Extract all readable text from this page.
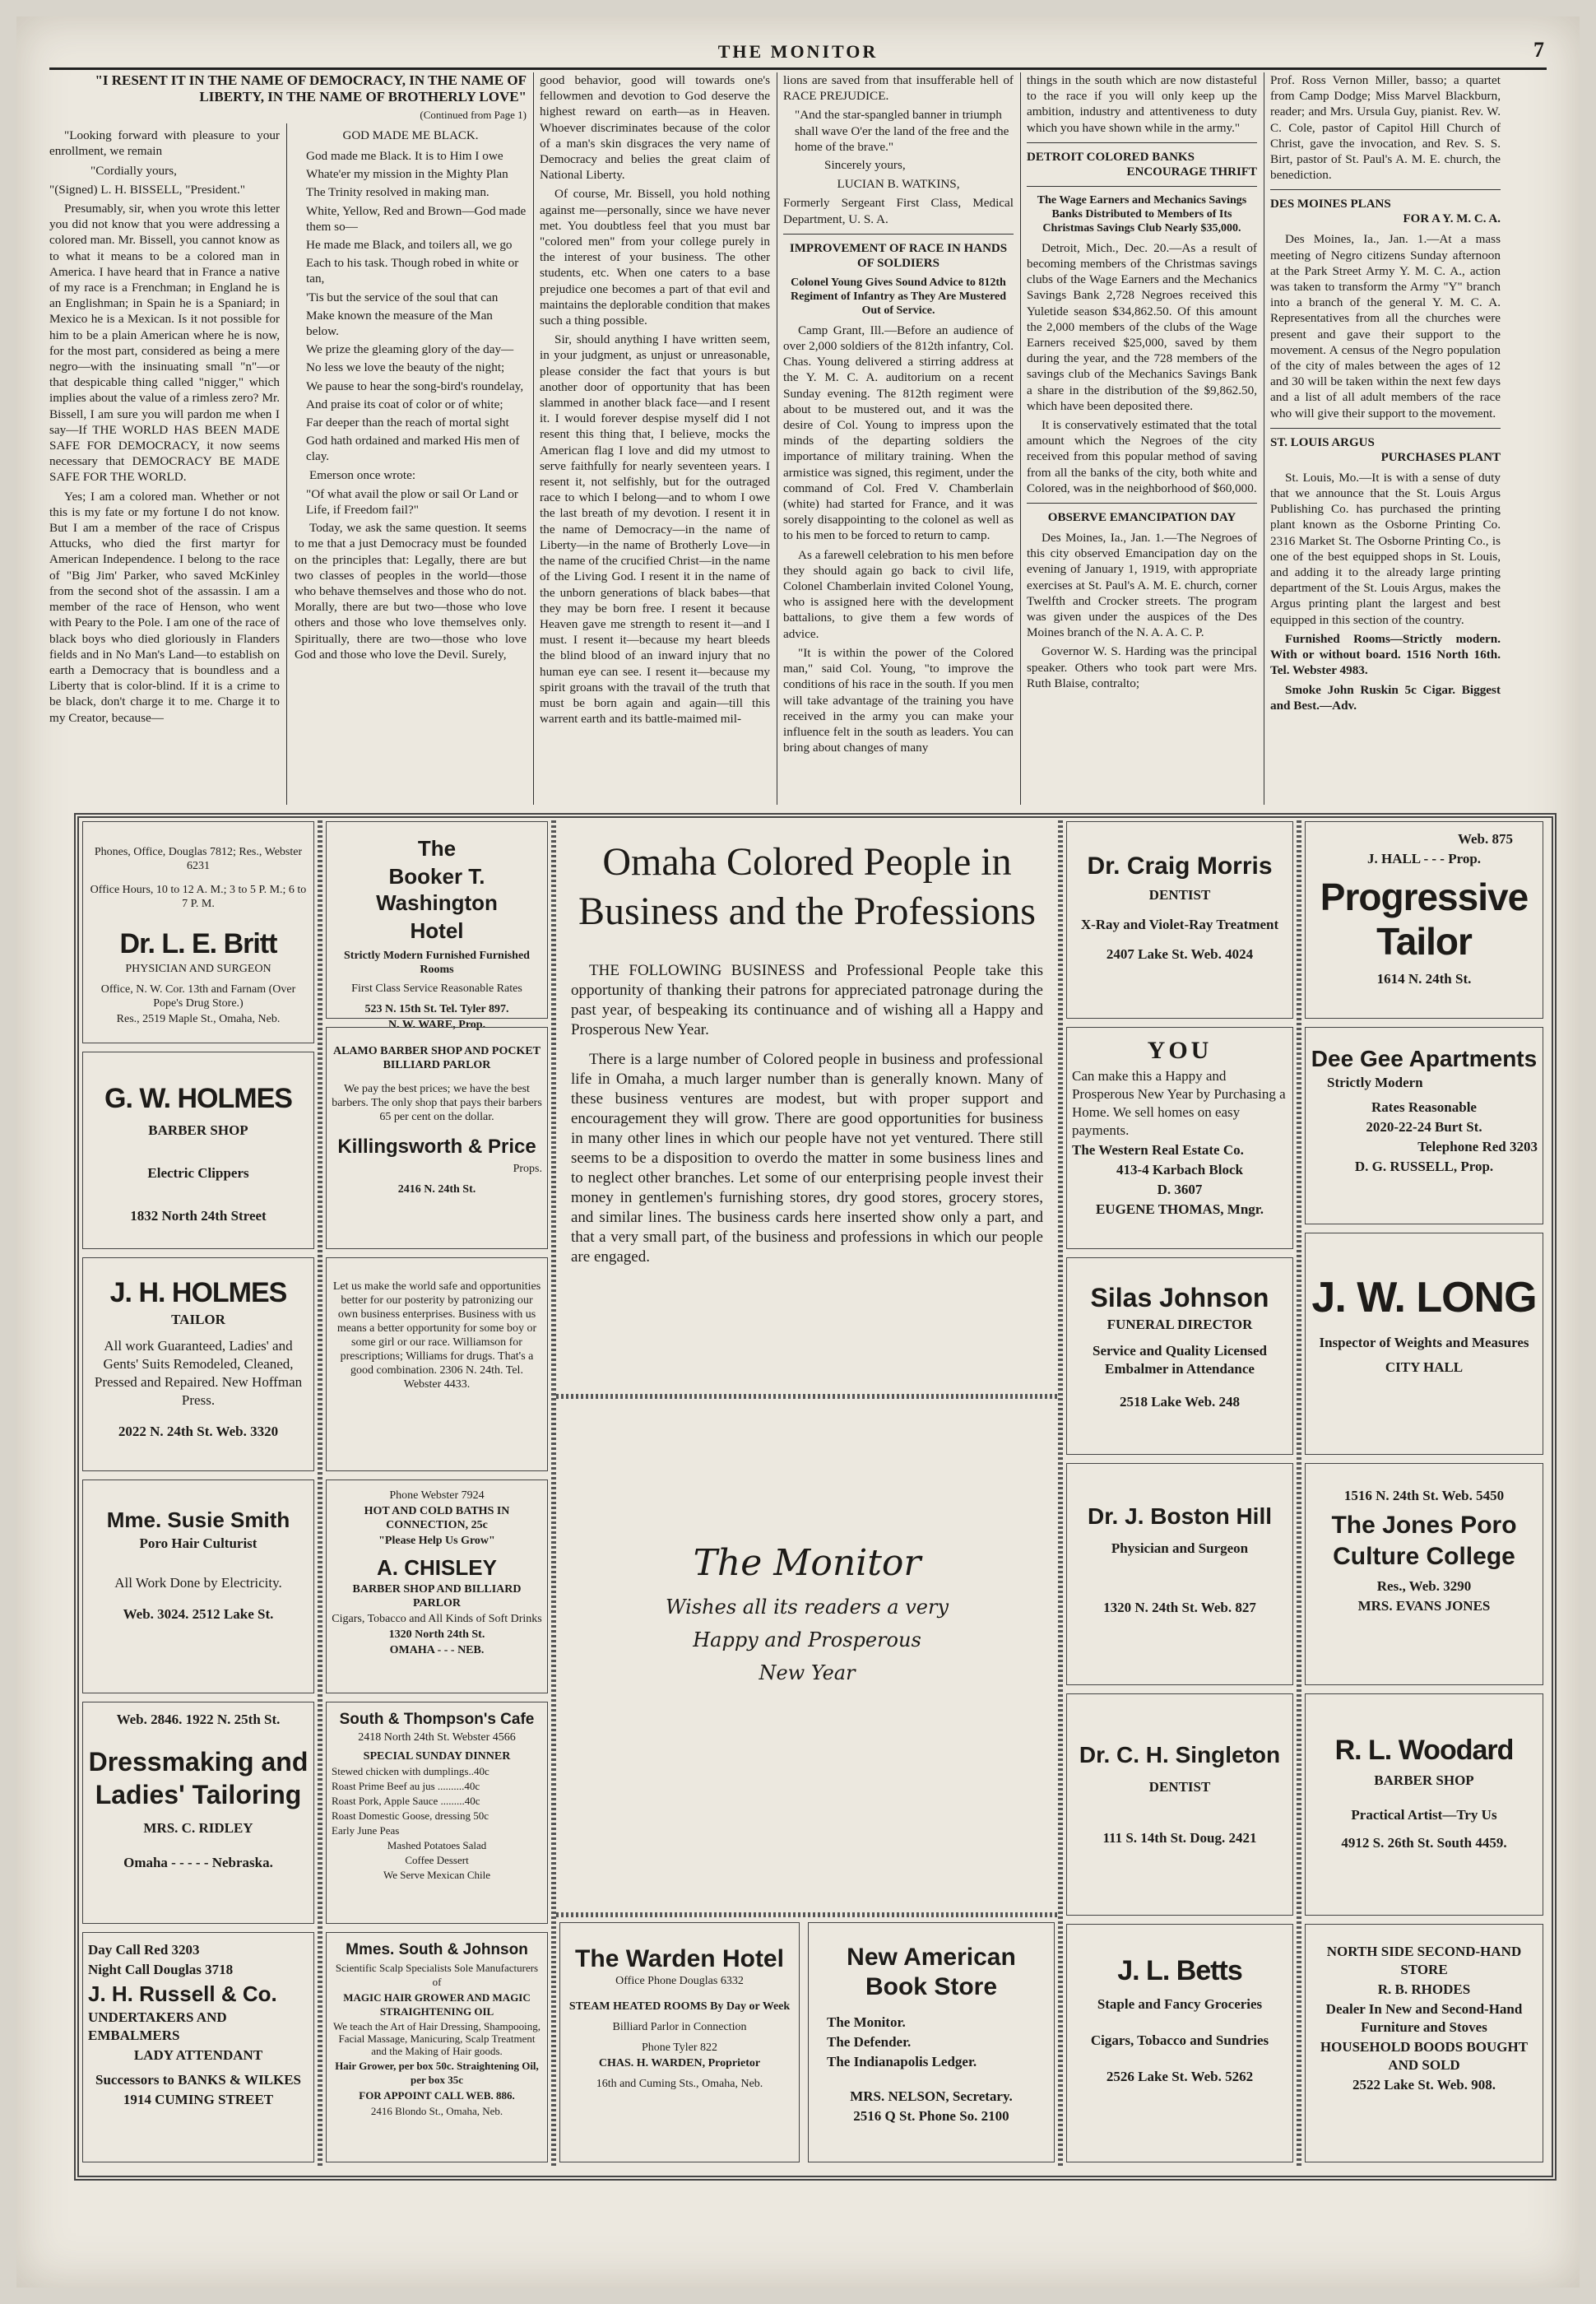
THE MONITOR	7
"I RESENT IT IN THE NAME OF DEMOCRACY, IN THE NAME OF LIBERTY, IN THE NAME OF BROTHERLY LOVE"
(Continued from Page 1)

"Looking forward with pleasure to your enrollment, we remain

"Cordially yours,

"(Signed) L. H. BISSELL, "President."

Presumably, sir, when you wrote this letter you did not know that you were addressing a colored man. Mr. Bissell, you cannot know as to what it means to be a colored man in America. I have heard that in France a native of my race is a Frenchman; in England he is an Englishman; in Spain he is a Spaniard; in Mexico he is a Mexican. Is it not possible for him to be a plain American where he is now, for the most part, considered as being a mere negro—with the insinuating small "n"—or that despicable thing called "nigger," which implies about the value of a rimless zero? Mr. Bissell, I am sure you will pardon me when I say—If THE WORLD HAS BEEN MADE SAFE FOR DEMOCRACY, it now seems necessary that DEMOCRACY BE MADE SAFE FOR THE WORLD.

Yes; I am a colored man. Whether or not this is my fate or my fortune I do not know. But I am a member of the race of Crispus Attucks, who died the first martyr for American Independence. I belong to the race of "Big Jim' Parker, who saved McKinley from the second shot of the assassin. I am a member of the race of Henson, who went with Peary to the Pole. I am one of the race of black boys who died gloriously in Flanders fields and in No Man's Land—to establish on earth a Democracy that is boundless and a Liberty that is color-blind. If it is a crime to be black, don't charge it to me. Charge it to my Creator, because—

GOD MADE ME BLACK.

God made me Black. It is to Him I owe

Whate'er my mission in the Mighty Plan

The Trinity resolved in making man.

White, Yellow, Red and Brown—God made them so—

He made me Black, and toilers all, we go

Each to his task. Though robed in white or tan,

'Tis but the service of the soul that can

Make known the measure of the Man below.

We prize the gleaming glory of the day—

No less we love the beauty of the night;

We pause to hear the song-bird's roundelay,

And praise its coat of color or of white;

Far deeper than the reach of mortal sight

God hath ordained and marked His men of clay.

Emerson once wrote:

"Of what avail the plow or sail Or Land or Life, if Freedom fail?"

Today, we ask the same question. It seems to me that a just Democracy must be founded on the principles that: Legally, there are but two classes of peoples in the world—those who behave themselves and those who do not. Morally, there are but two—those who love others and those who love themselves only. Spiritually, there are two—those who love God and those who love the Devil. Surely,

good behavior, good will towards one's fellowmen and devotion to God deserve the highest reward on earth—as in Heaven. Whoever discriminates because of the color of a man's skin disgraces the very name of Democracy and belies the great claim of National Liberty.

Of course, Mr. Bissell, you hold nothing against me—personally, since we have never met. You doubtless feel that you must bar "colored men" from your college purely in the interest of your business. The other students, etc. When one caters to a base prejudice one becomes a part of that evil and maintains the deplorable condition that makes such a thing possible.

Sir, should anything I have written seem, in your judgment, as unjust or unreasonable, please consider the fact that yours is but another door of opportunity that has been slammed in another black face—and I resent it. I would forever despise myself did I not resent this thing that, I believe, mocks the American flag I love and did my utmost to serve faithfully for nearly seventeen years. I resent it, not selfishly, but for the outraged race to which I belong—and to whom I owe the last breath of my devotion. I resent it in the name of Democracy—in the name of Liberty—in the name of Brotherly Love—in the name of the crucified Christ—in the name of the Living God. I resent it in the name of the unborn generations of black babes—that they may be born free. I resent it because Heaven gave me strength to resent it—and I must. I resent it—because my heart bleeds the blind blood of an inward injury that no human eye can see. I resent it—because my spirit groans with the travail of the truth that must be born again and again—till this warrent earth and its battle-maimed mil-

lions are saved from that insufferable hell of RACE PREJUDICE.

"And the star-spangled banner in triumph shall wave O'er the land of the free and the home of the brave."

Sincerely yours,

LUCIAN B. WATKINS,

Formerly Sergeant First Class, Medical Department, U. S. A.

IMPROVEMENT OF RACE IN HANDS OF SOLDIERS
Colonel Young Gives Sound Advice to 812th Regiment of Infantry as They Are Mustered Out of Service.

Camp Grant, Ill.—Before an audience of over 2,000 soldiers of the 812th infantry, Col. Chas. Young delivered a stirring address at the Y. M. C. A. auditorium on a recent Sunday evening. The 812th regiment were about to be mustered out, and it was the desire of Col. Young to impress upon the minds of the departing soldiers the importance of military training. When the armistice was signed, this regiment, under the command of Col. Fred V. Chamberlain (white) had started for France, and it was sorely disappointing to the colonel as well as to his men to be forced to return to camp.

As a farewell celebration to his men before they should again go back to civil life, Colonel Chamberlain invited Colonel Young, who is assigned here with the development battalions, to give them a few words of advice.

"It is within the power of the Colored man," said Col. Young, "to improve the conditions of his race in the south. If you men will take advantage of the training you have received in the army you can make your influence felt in the south as leaders. You can bring about changes of many

things in the south which are now distasteful to the race if you will only keep up the ambition, industry and attentiveness to duty which you have shown while in the army."

DETROIT COLORED BANKS
ENCOURAGE THRIFT
The Wage Earners and Mechanics Savings Banks Distributed to Members of Its Christmas Savings Club Nearly $35,000.

Detroit, Mich., Dec. 20.—As a result of becoming members of the Christmas savings clubs of the Wage Earners and the Mechanics Savings Bank 2,728 Negroes received this Yuletide season $34,862.50. Of this amount the 2,000 members of the clubs of the Wage Earners received $25,000, saved by them during the year, and the 728 members of the savings club of the Mechanics Savings Bank a share in the distribution of the $9,862.50, which have been deposited there.

It is conservatively estimated that the total amount which the Negroes of the city received from this popular method of saving from all the banks of the city, both white and Colored, was in the neighborhood of $60,000.

OBSERVE EMANCIPATION DAY

Des Moines, Ia., Jan. 1.—The Negroes of this city observed Emancipation day on the evening of January 1, 1919, with appropriate exercises at St. Paul's A. M. E. church, corner Twelfth and Crocker streets. The program was given under the auspices of the Des Moines branch of the N. A. A. C. P.

Governor W. S. Harding was the principal speaker. Others who took part were Mrs. Ruth Blaise, contralto;

Prof. Ross Vernon Miller, basso; a quartet from Camp Dodge; Miss Marvel Blackburn, reader; and Mrs. Ursula Guy, pianist. Rev. W. C. Cole, pastor of Capitol Hill Church of Christ, gave the invocation, and Rev. S. S. Birt, pastor of St. Paul's A. M. E. church, the benediction.

DES MOINES PLANS
FOR A Y. M. C. A.

Des Moines, Ia., Jan. 1.—At a mass meeting of Negro citizens Sunday afternoon at the Park Street Army Y. M. C. A., action was taken to transform the Army "Y" branch into a branch of the general Y. M. C. A. Representatives from all the churches were present and gave their support to the movement. A census of the Negro population of the city of males between the ages of 12 and 30 will be taken within the next few days and a list of all adult members of the race who will give their support to the movement.

ST. LOUIS ARGUS
PURCHASES PLANT

St. Louis, Mo.—It is with a sense of duty that we announce that the St. Louis Argus Publishing Co. has purchased the printing plant known as the Osborne Printing Co. 2316 Market St. The Osborne Printing Co., is one of the best equipped shops in St. Louis, and adding it to the already large printing department of the St. Louis Argus, makes the Argus printing plant the largest and best equipped in this section of the country.

Furnished Rooms—Strictly modern. With or without board. 1516 North 16th. Tel. Webster 4983.

Smoke John Ruskin 5c Cigar. Biggest and Best.—Adv.

Phones, Office, Douglas 7812; Res., Webster 6231
Office Hours, 10 to 12 A. M.; 3 to 5 P. M.; 6 to 7 P. M.
Dr. L. E. Britt
PHYSICIAN AND SURGEON
Office, N. W. Cor. 13th and Farnam (Over Pope's Drug Store.)
Res., 2519 Maple St., Omaha, Neb.
G. W. HOLMES
BARBER SHOP
Electric Clippers
1832 North 24th Street
J. H. HOLMES
TAILOR
All work Guaranteed, Ladies' and Gents' Suits Remodeled, Cleaned, Pressed and Repaired. New Hoffman Press.
2022 N. 24th St. Web. 3320
Mme. Susie Smith
Poro Hair Culturist
All Work Done by Electricity.
Web. 3024. 2512 Lake St.
Web. 2846. 1922 N. 25th St.
Dressmaking and Ladies' Tailoring
MRS. C. RIDLEY
Omaha - - - - - Nebraska.
Day Call Red 3203
Night Call Douglas 3718
J. H. Russell & Co.
UNDERTAKERS AND EMBALMERS
LADY ATTENDANT
Successors to BANKS & WILKES
1914 CUMING STREET
The
Booker T. Washington
Hotel
Strictly Modern Furnished Furnished Rooms
First Class Service Reasonable Rates
523 N. 15th St. Tel. Tyler 897.
N. W. WARE, Prop.
ALAMO BARBER SHOP AND POCKET BILLIARD PARLOR
We pay the best prices; we have the best barbers. The only shop that pays their barbers 65 per cent on the dollar.
Killingsworth & Price
Props.
2416 N. 24th St.
Let us make the world safe and opportunities better for our posterity by patronizing our own business enterprises. Business with us means a better opportunity for some boy or some girl or our race. Williamson for prescriptions; Williams for drugs. That's a good combination. 2306 N. 24th. Tel. Webster 4433.
Phone Webster 7924
HOT AND COLD BATHS IN CONNECTION, 25c
"Please Help Us Grow"
A. CHISLEY
BARBER SHOP AND BILLIARD PARLOR
Cigars, Tobacco and All Kinds of Soft Drinks
1320 North 24th St.
OMAHA - - - NEB.
South & Thompson's Cafe
2418 North 24th St. Webster 4566
SPECIAL SUNDAY DINNER
Stewed chicken with dumplings..40c
Roast Prime Beef au jus ..........40c
Roast Pork, Apple Sauce .........40c
Roast Domestic Goose, dressing 50c
Early June Peas
Mashed Potatoes Salad
Coffee Dessert
We Serve Mexican Chile
Mmes. South & Johnson
Scientific Scalp Specialists Sole Manufacturers of
MAGIC HAIR GROWER AND MAGIC STRAIGHTENING OIL
We teach the Art of Hair Dressing, Shampooing, Facial Massage, Manicuring, Scalp Treatment and the Making of Hair goods.
Hair Grower, per box 50c. Straightening Oil, per box 35c
FOR APPOINT CALL WEB. 886.
2416 Blondo St., Omaha, Neb.
Omaha Colored People in Business and the Professions

THE FOLLOWING BUSINESS and Professional People take this opportunity of thanking their patrons for appreciated patronage during the past year, of bespeaking its continuance and of wishing all a Happy and Prosperous New Year.

There is a large number of Colored people in business and professional life in Omaha, a much larger number than is generally known. Many of these business ventures are modest, but with proper support and encouragement they will grow. There are good opportunities for business in many other lines in which our people have not yet ventured. There still seems to be a disposition to overdo the matter in some business lines and to neglect other branches. Let some of our enterprising people invest their money in gentlemen's furnishing stores, dry good stores, grocery stores, and similar lines. The business cards here inserted show only a part, and that a very small part, of the business and professions in which our people are engaged.

The Monitor
Wishes all its readers a very
Happy and Prosperous
New Year
The Warden Hotel
Office Phone Douglas 6332
STEAM HEATED ROOMS By Day or Week
Billiard Parlor in Connection
Phone Tyler 822
CHAS. H. WARDEN, Proprietor
16th and Cuming Sts., Omaha, Neb.
New American Book Store
The Monitor.
The Defender.
The Indianapolis Ledger.
MRS. NELSON, Secretary.
2516 Q St. Phone So. 2100
Dr. Craig Morris
DENTIST
X-Ray and Violet-Ray Treatment
2407 Lake St. Web. 4024
YOU
Can make this a Happy and Prosperous New Year by Purchasing a Home. We sell homes on easy payments.
The Western Real Estate Co.
413-4 Karbach Block
D. 3607
EUGENE THOMAS, Mngr.
Silas Johnson
FUNERAL DIRECTOR
Service and Quality Licensed Embalmer in Attendance
2518 Lake Web. 248
Dr. J. Boston Hill
Physician and Surgeon
1320 N. 24th St. Web. 827
Dr. C. H. Singleton
DENTIST
111 S. 14th St. Doug. 2421
J. L. Betts
Staple and Fancy Groceries
Cigars, Tobacco and Sundries
2526 Lake St. Web. 5262
Web. 875
J. HALL - - - Prop.
Progressive Tailor
1614 N. 24th St.
Dee Gee Apartments
Strictly Modern
Rates Reasonable
2020-22-24 Burt St.
Telephone Red 3203
D. G. RUSSELL, Prop.
J. W. LONG
Inspector of Weights and Measures
CITY HALL
1516 N. 24th St. Web. 5450
The Jones Poro Culture College
Res., Web. 3290
MRS. EVANS JONES
R. L. Woodard
BARBER SHOP
Practical Artist—Try Us
4912 S. 26th St. South 4459.
NORTH SIDE SECOND-HAND STORE
R. B. RHODES
Dealer In New and Second-Hand Furniture and Stoves
HOUSEHOLD BOODS BOUGHT AND SOLD
2522 Lake St. Web. 908.
